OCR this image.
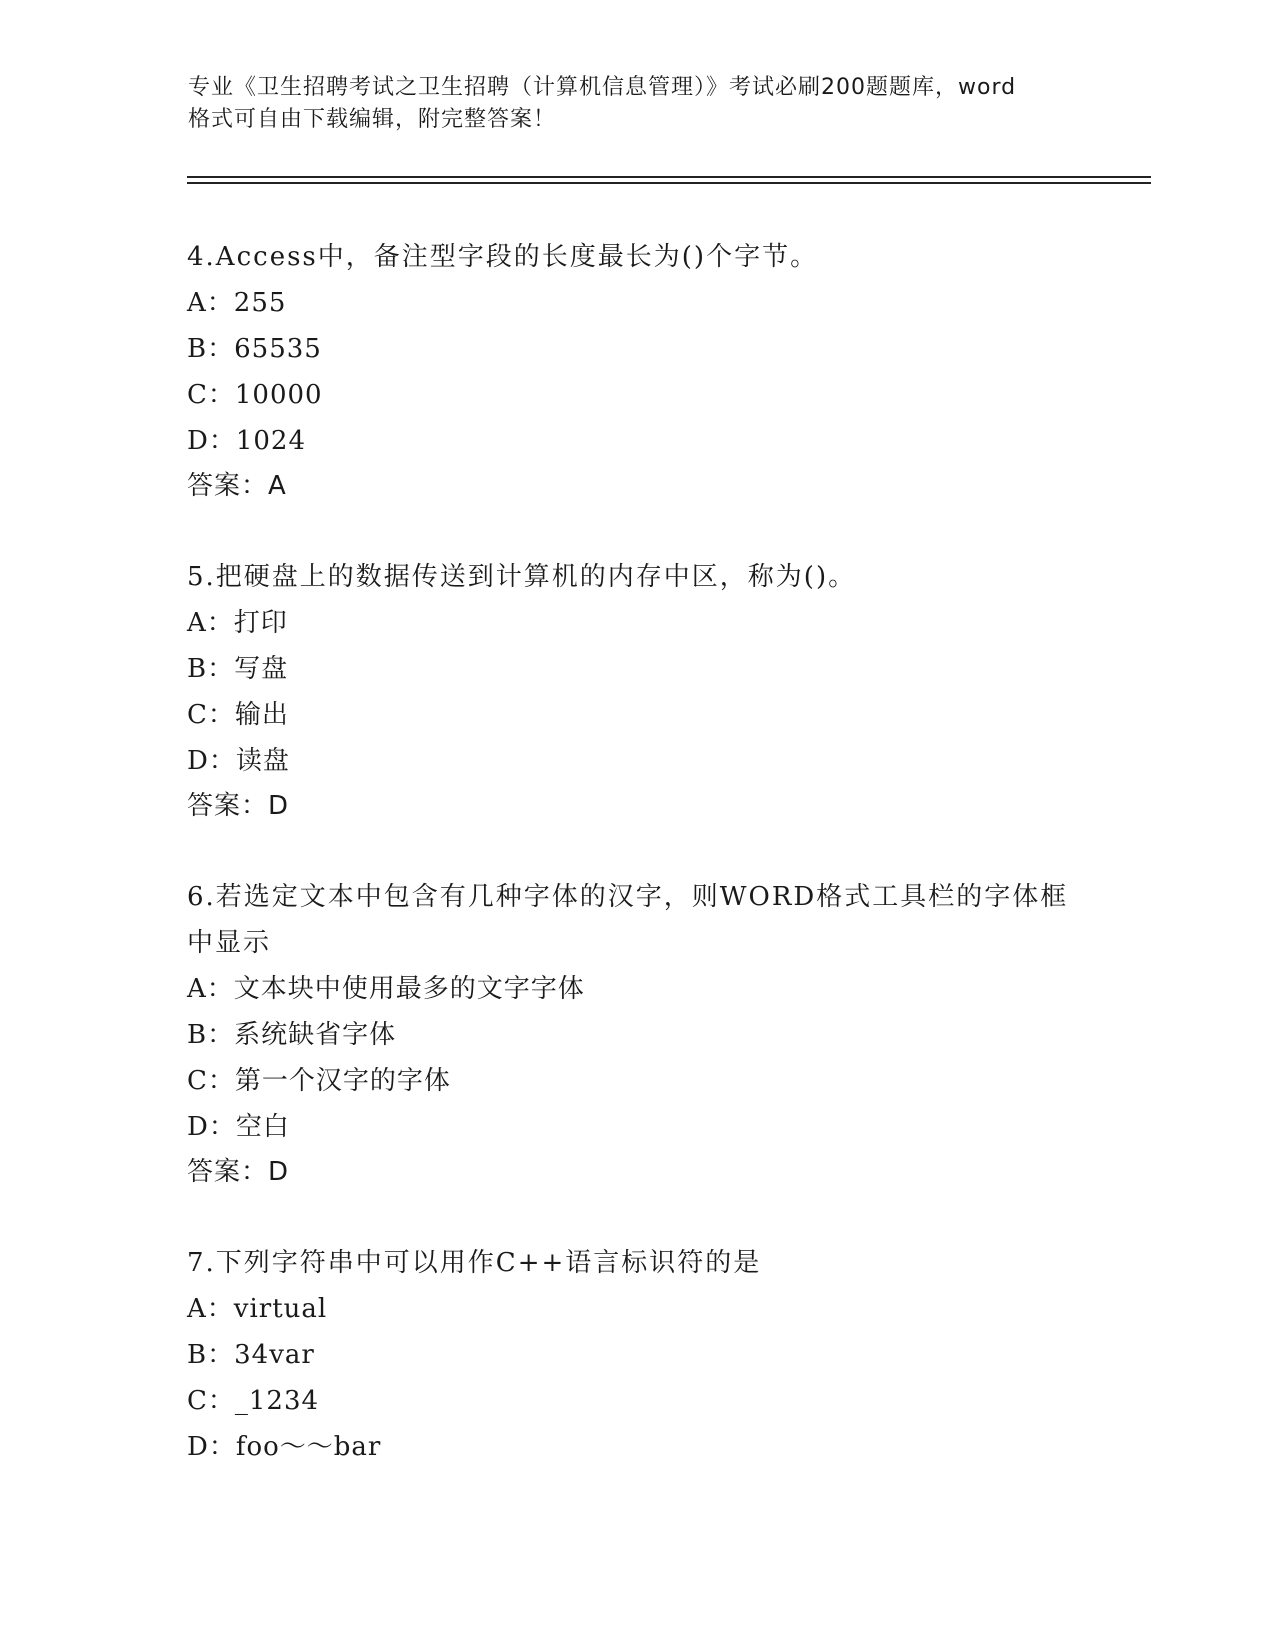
专业《卫生招聘考试之卫生招聘（计算机信息管理）》考试必刷200题题库，word
格式可自由下载编辑，附完整答案！
4.Access中，备注型字段的长度最长为()个字节。
A：255
B：65535
C：10000
D：1024
答案：A
5.把硬盘上的数据传送到计算机的内存中区，称为()。
A：打印
B：写盘
C：输出
D：读盘
答案：D
6.若选定文本中包含有几种字体的汉字，则WORD格式工具栏的字体框
中显示
A：文本块中使用最多的文字字体
B：系统缺省字体
C：第一个汉字的字体
D：空白
答案：D
7.下列字符串中可以用作C++语言标识符的是
A：virtual
B：34var
C：_1234
D：foo～～bar
